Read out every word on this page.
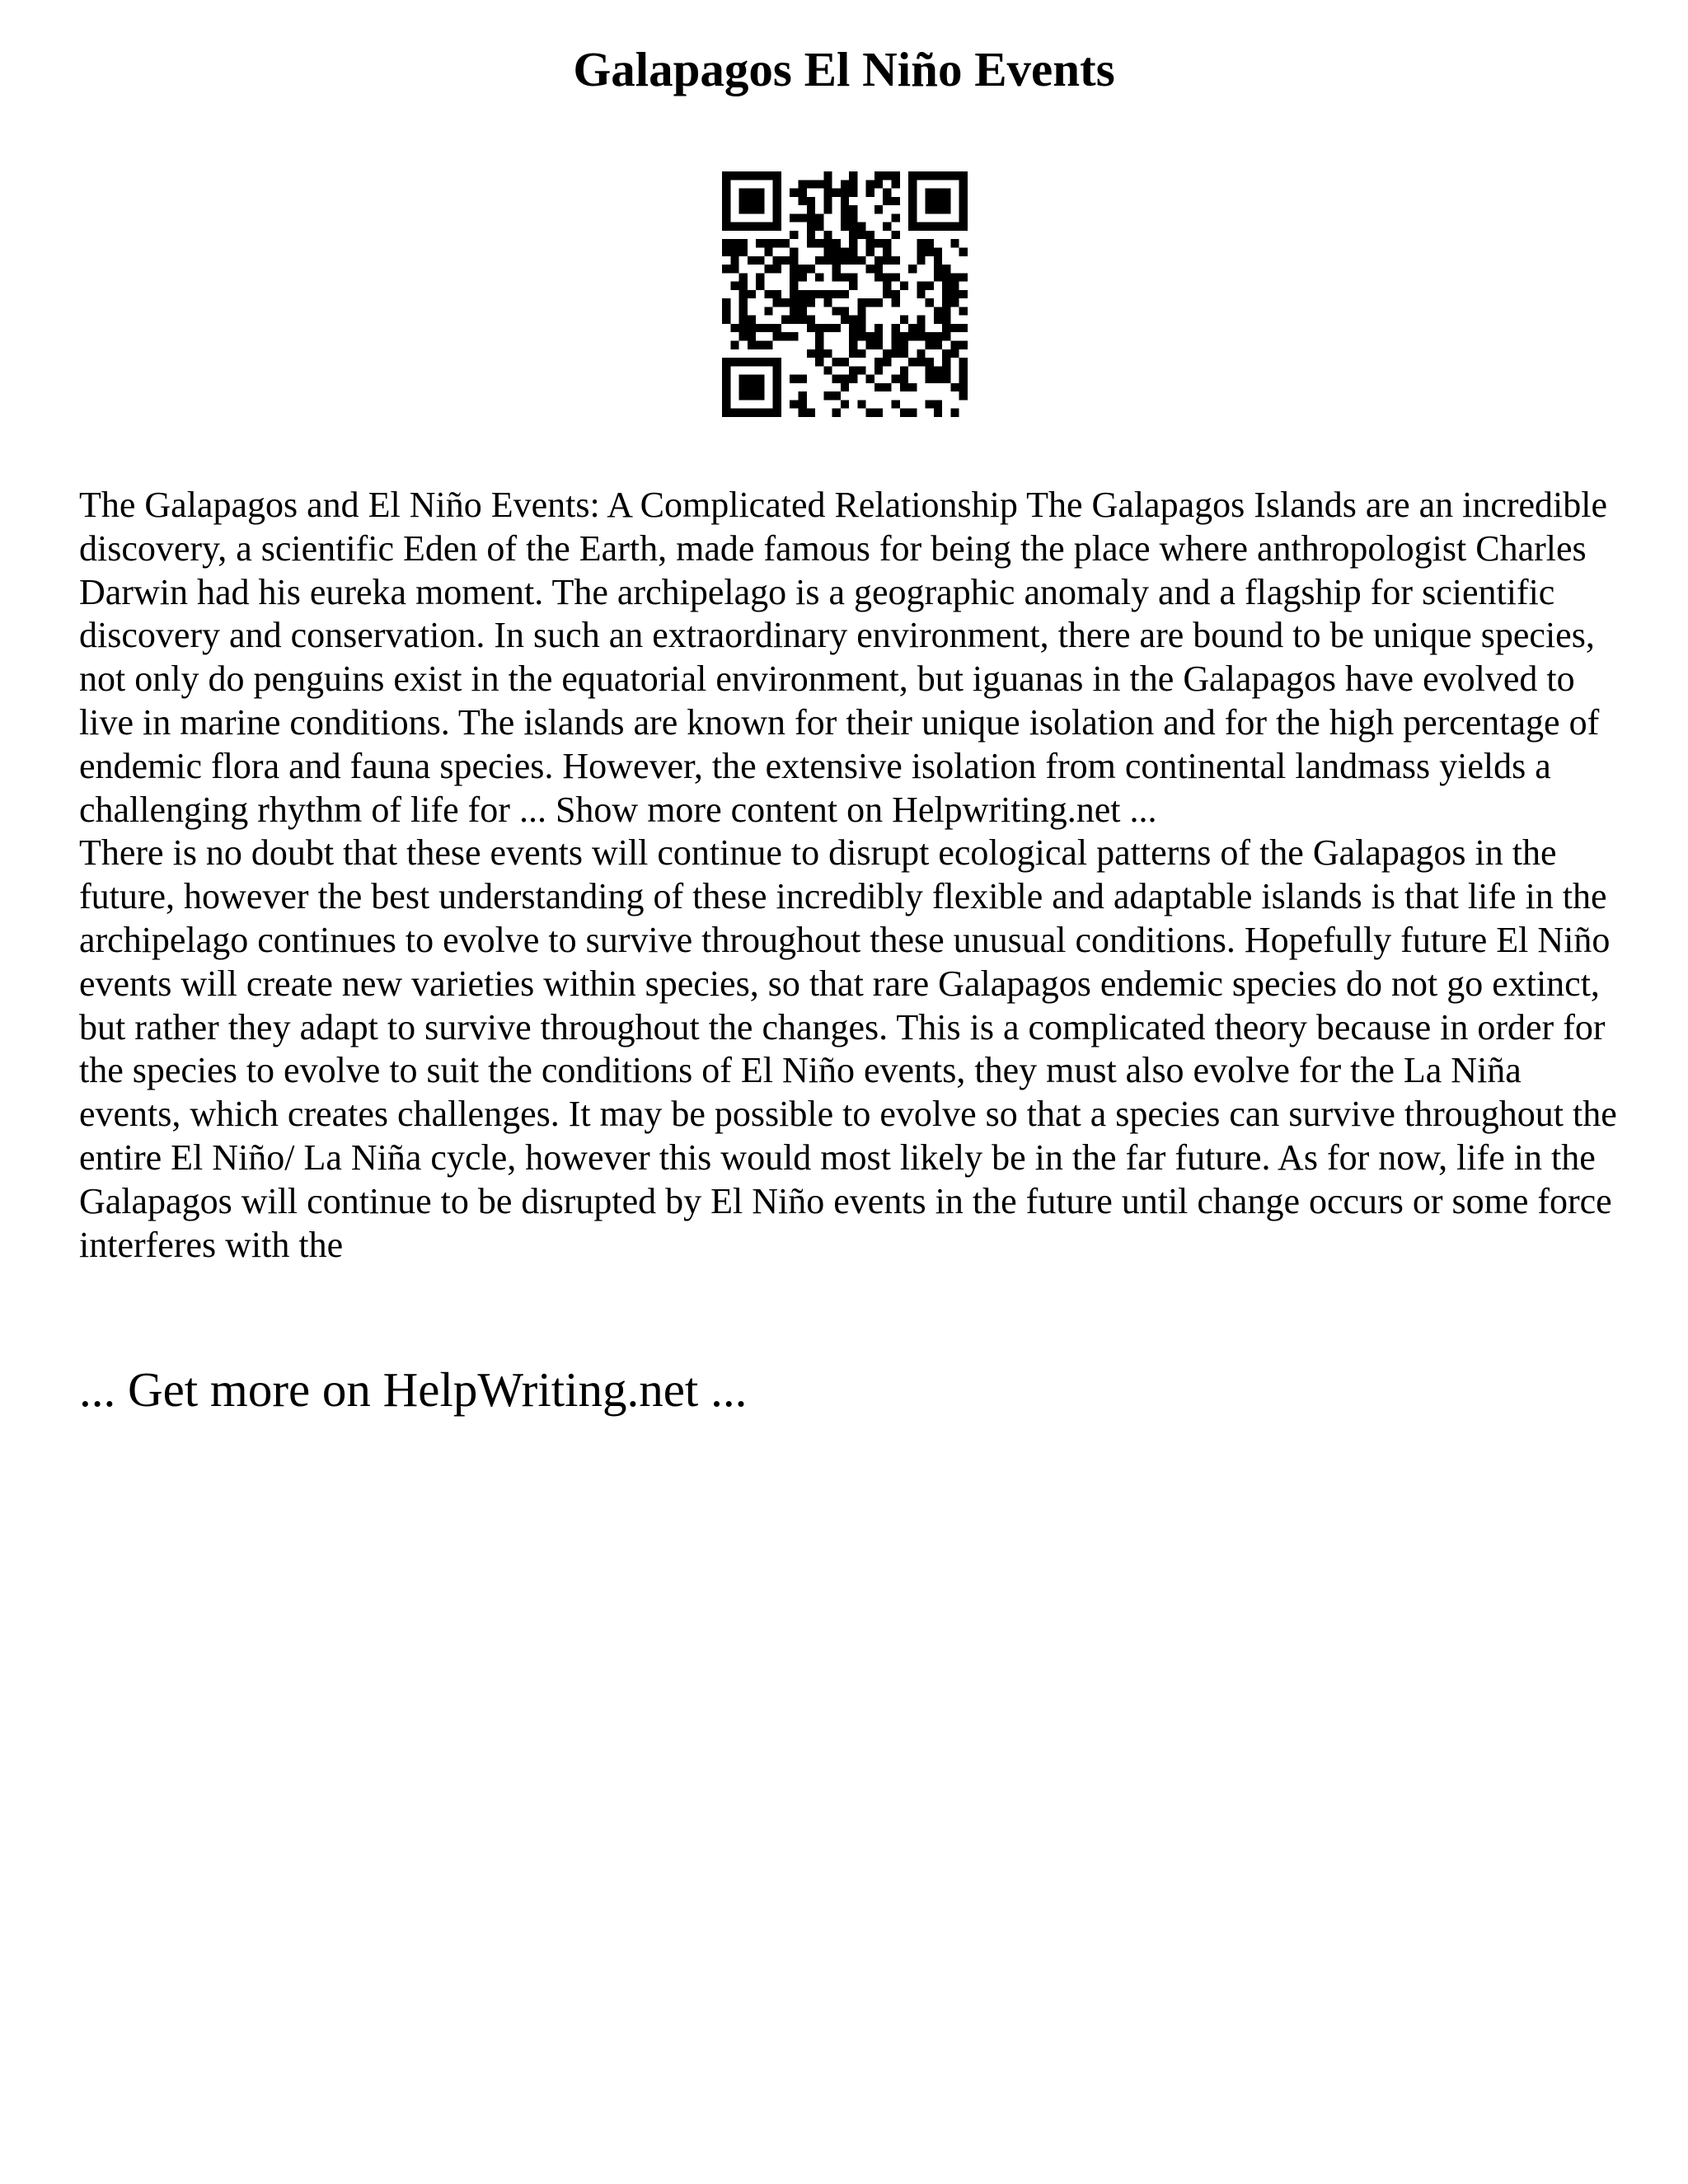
Galapagos El Niño Events

The Galapagos and El Niño Events: A Complicated Relationship The Galapagos Islands are an incredible discovery, a scientific Eden of the Earth, made famous for being the place where anthropologist Charles Darwin had his eureka moment. The archipelago is a geographic anomaly and a flagship for scientific discovery and conservation. In such an extraordinary environment, there are bound to be unique species, not only do penguins exist in the equatorial environment, but iguanas in the Galapagos have evolved to live in marine conditions. The islands are known for their unique isolation and for the high percentage of endemic flora and fauna species. However, the extensive isolation from continental landmass yields a challenging rhythm of life for ... Show more content on Helpwriting.net ...

There is no doubt that these events will continue to disrupt ecological patterns of the Galapagos in the future, however the best understanding of these incredibly flexible and adaptable islands is that life in the archipelago continues to evolve to survive throughout these unusual conditions. Hopefully future El Niño events will create new varieties within species, so that rare Galapagos endemic species do not go extinct, but rather they adapt to survive throughout the changes. This is a complicated theory because in order for the species to evolve to suit the conditions of El Niño events, they must also evolve for the La Niña events, which creates challenges. It may be possible to evolve so that a species can survive throughout the entire El Niño/ La Niña cycle, however this would most likely be in the far future. As for now, life in the Galapagos will continue to be disrupted by El Niño events in the future until change occurs or some force interferes with the

... Get more on HelpWriting.net ...
